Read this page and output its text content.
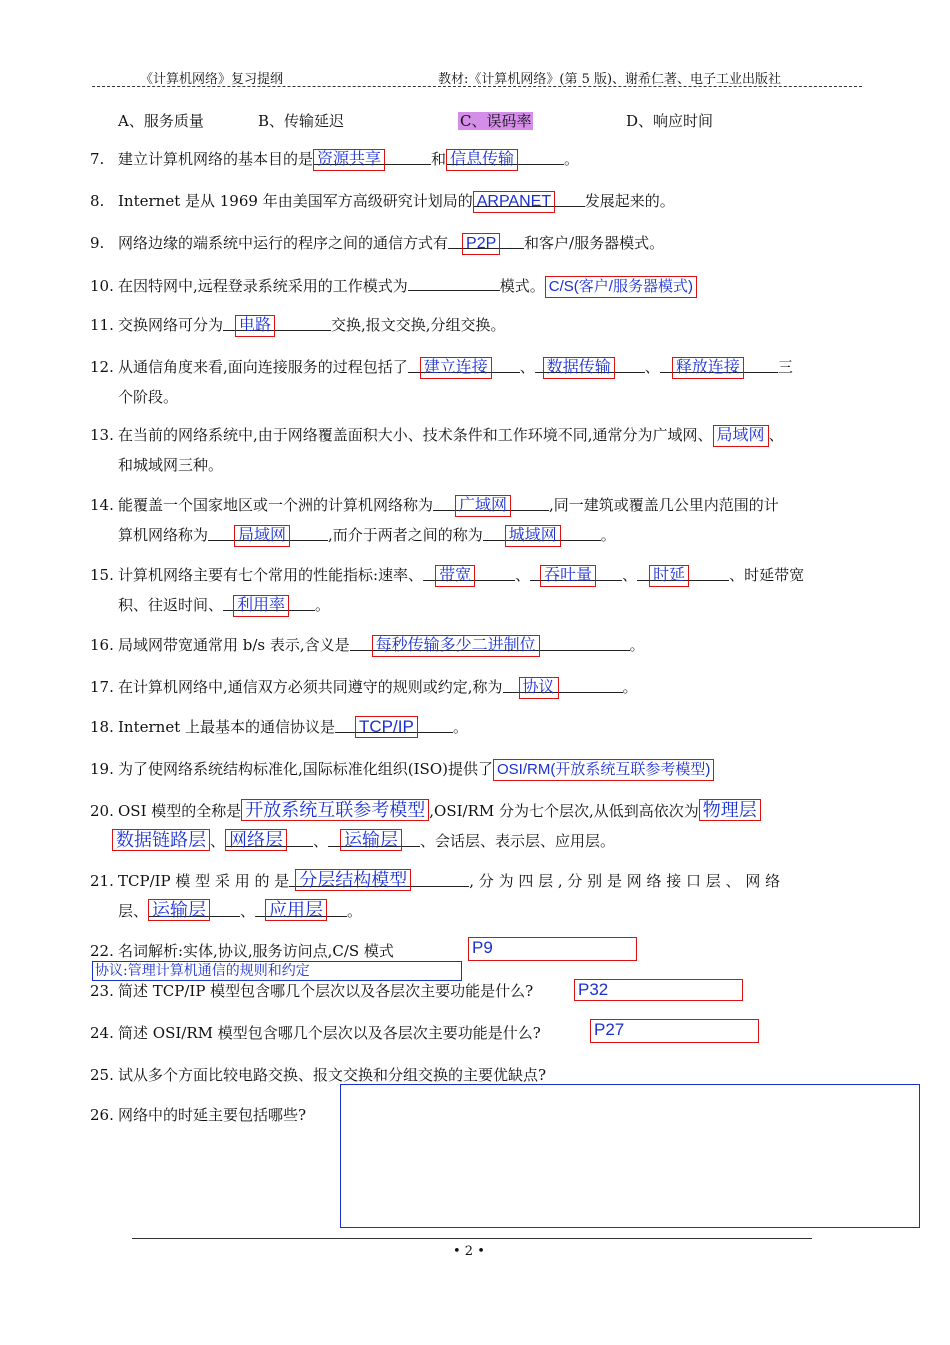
《计算机网络》复习提纲	教材:《计算机网络》(第 5 版)、谢希仁著、电子工业出版社
A、服务质量	B、传输延迟	C、误码率	D、响应时间
7. 建立计算机网络的基本目的是 资源共享	和 信息传输	。
8. Internet 是从 1969 年由美国军方高级研究计划局的 ARPANET 发展起来的。
9. 网络边缘的端系统中运行的程序之间的通信方式有 P2P 和客户/服务器模式。
10. 在因特网中,远程登录系统采用的工作模式为	模式。 C/S(客户/服务器模式)
11. 交换网络可分为 电路	交换,报文交换,分组交换。
12. 从通信角度来看,面向连接服务的过程包括了 建立连接 、 数据传输 、 释放连接	三
个阶段。
13. 在当前的网络系统中,由于网络覆盖面积大小、技术条件和工作环境不同,通常分为广域网、 局域网 、
和城域网三种。
14. 能覆盖一个国家地区或一个洲的计算机网络称为 广域网	,同一建筑或覆盖几公里内范围的计
算机网络称为 局域网	,而介于两者之间的称为 城域网	。
15. 计算机网络主要有七个常用的性能指标:速率、 带宽	、 吞吐量 、 时延	、时延带宽
积、往返时间、 利用率 。
16. 局域网带宽通常用 b/s 表示,含义是 每秒传输多少二进制位	。
17. 在计算机网络中,通信双方必须共同遵守的规则或约定,称为 协议	。
18. Internet 上最基本的通信协议是 TCP/IP	。
19. 为了使网络系统结构标准化,国际标准化组织(ISO)提供了 OSI/RM(开放系统互联参考模型)
20. OSI 模型的全称是 开放系统互联参考模型 ,OSI/RM 分为七个层次,从低到高依次为 物理层
数据链路层 、 网络层 、 运输层 、会话层、表示层、应用层。
21. TCP/IP 模 型 采 用 的 是 分层结构模型	, 分 为 四 层 , 分 别 是 网 络 接 口 层 、 网 络
层、 运输层 、 应用层 。
22. 名词解析:实体,协议,服务访问点,C/S 模式	P9
协议:管理计算机通信的规则和约定
23. 简述 TCP/IP 模型包含哪几个层次以及各层次主要功能是什么?	P32
24. 简述 OSI/RM 模型包含哪几个层次以及各层次主要功能是什么?	P27
25. 试从多个方面比较电路交换、报文交换和分组交换的主要优缺点?
26. 网络中的时延主要包括哪些?
• 2 •
